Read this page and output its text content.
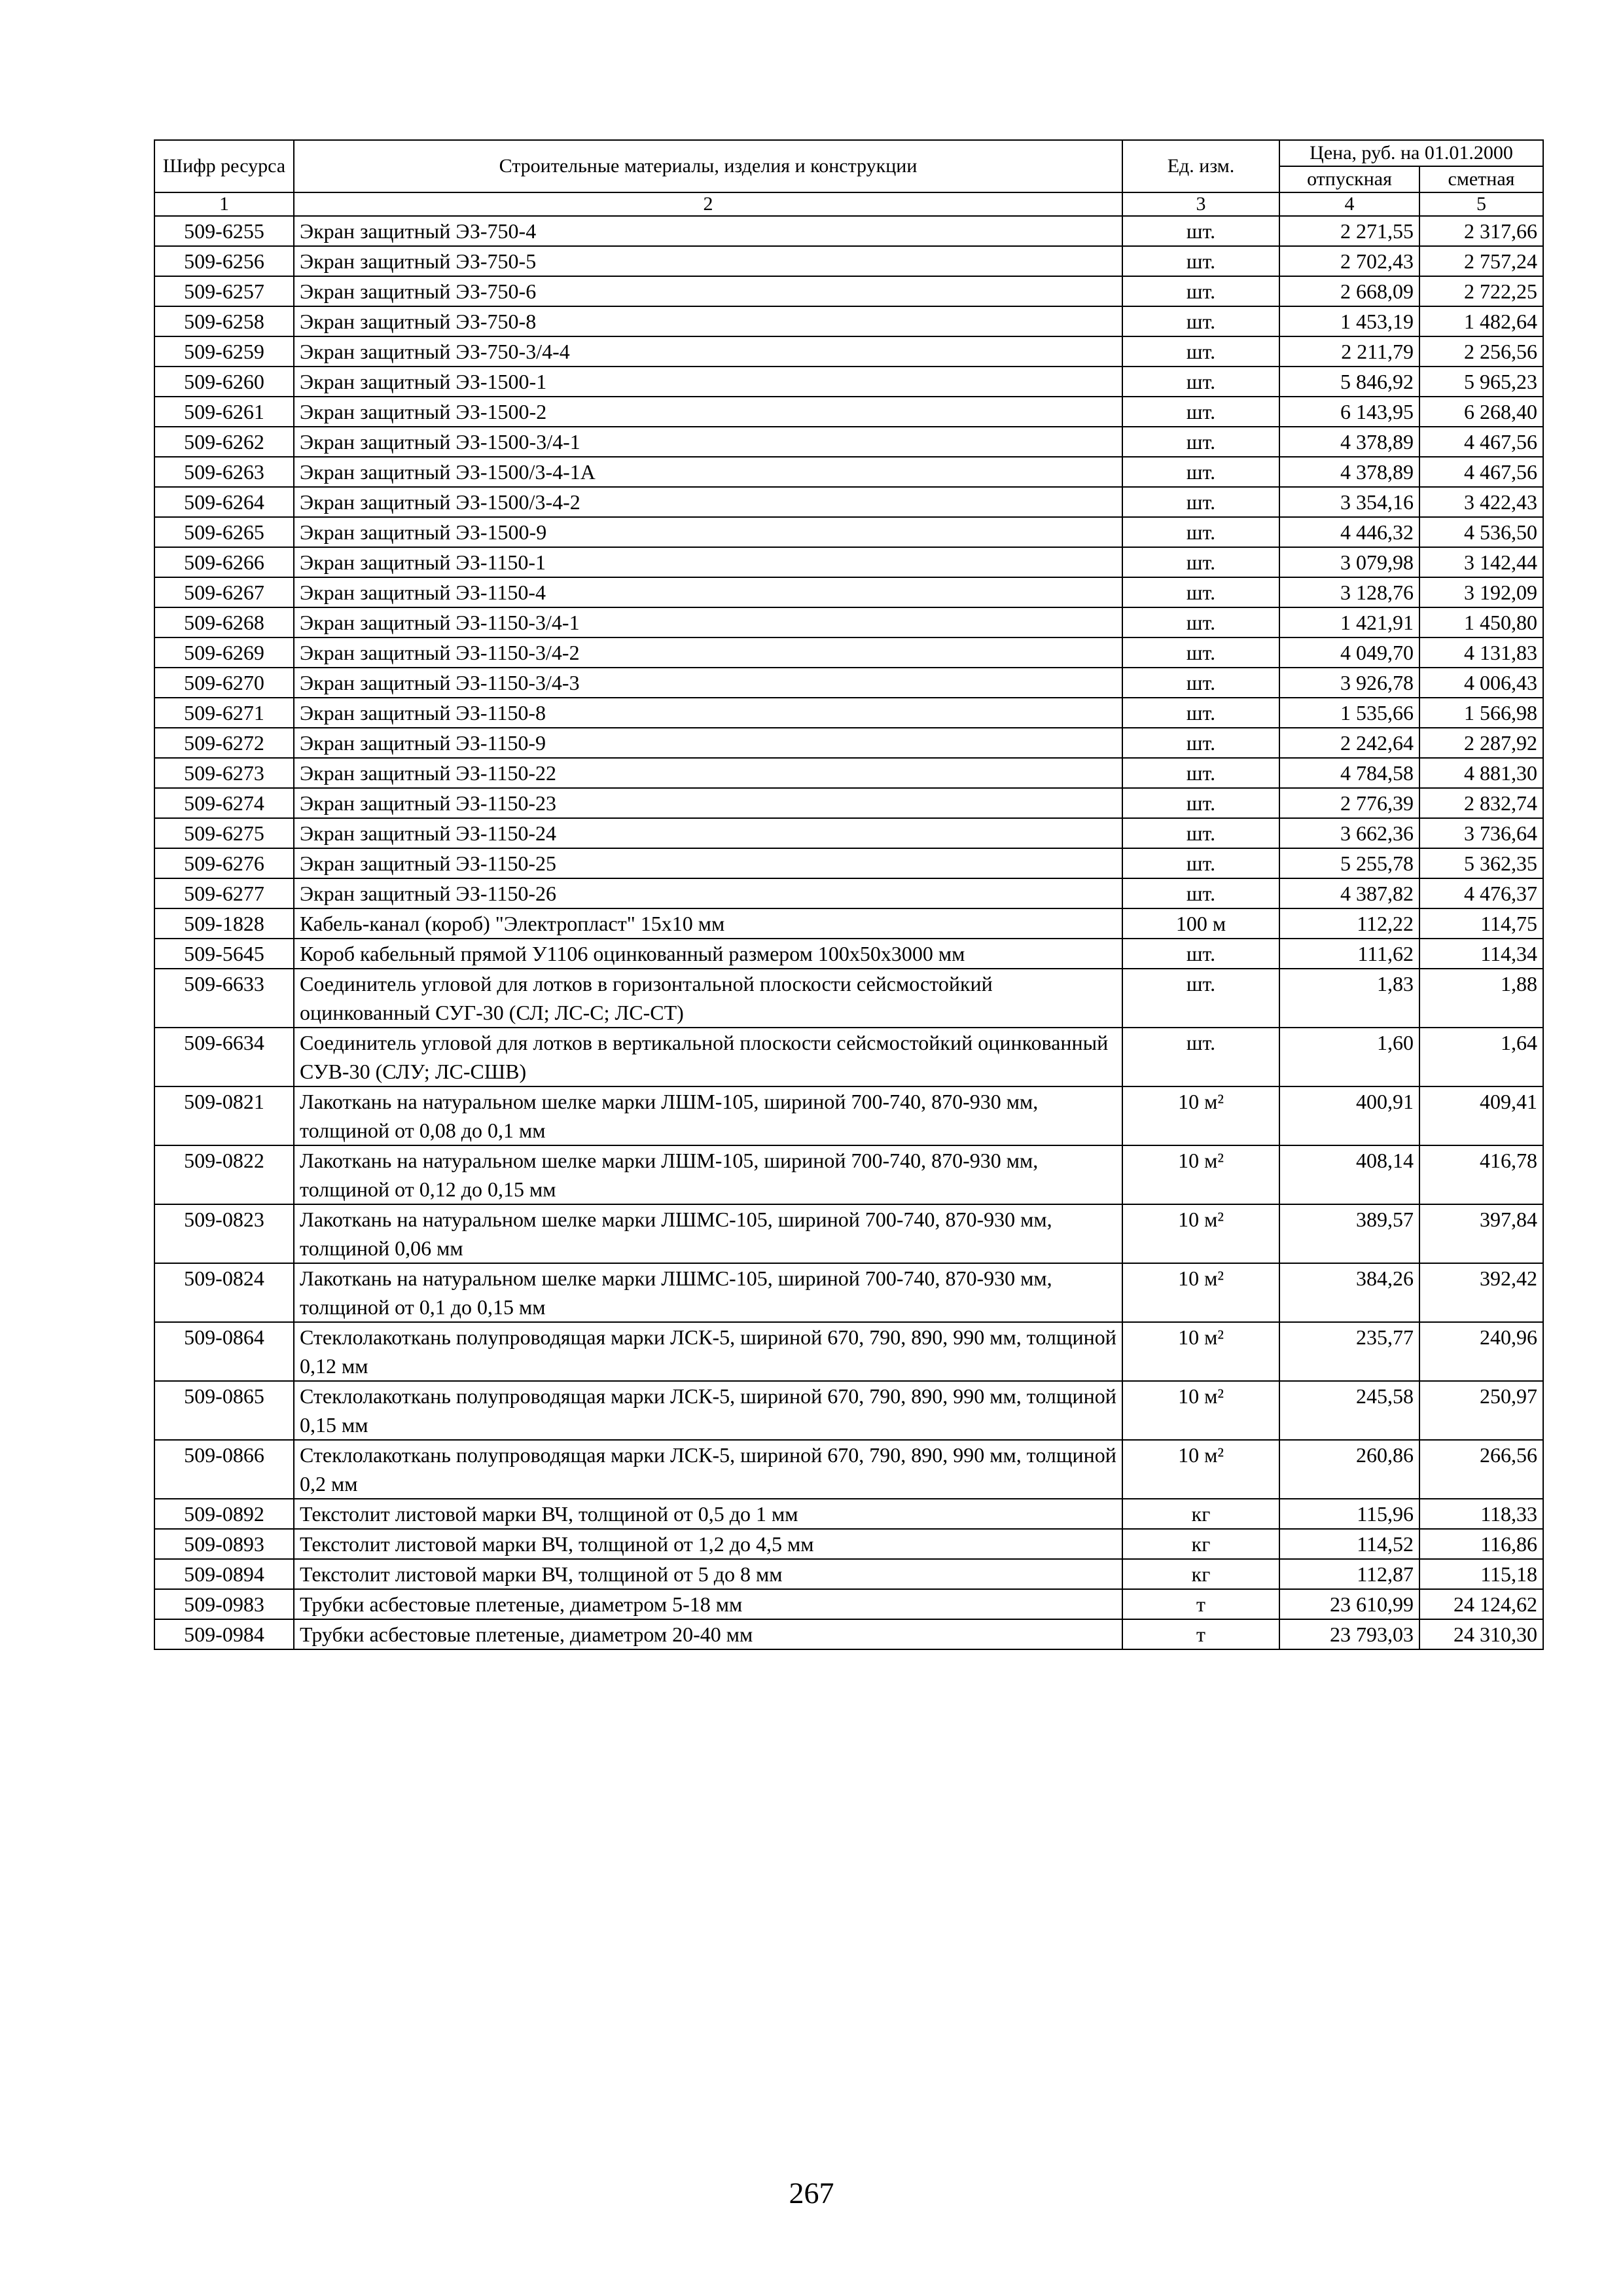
Шифр ресурса	Строительные материалы, изделия и конструкции	Ед. изм.	Цена, руб. на 01.01.2000	
			отпускная	сметная
1	2	3	4	5
509-6255	Экран защитный ЭЗ-750-4	шт.	2 271,55	2 317,66
509-6256	Экран защитный ЭЗ-750-5	шт.	2 702,43	2 757,24
509-6257	Экран защитный ЭЗ-750-6	шт.	2 668,09	2 722,25
509-6258	Экран защитный ЭЗ-750-8	шт.	1 453,19	1 482,64
509-6259	Экран защитный ЭЗ-750-3/4-4	шт.	2 211,79	2 256,56
509-6260	Экран защитный ЭЗ-1500-1	шт.	5 846,92	5 965,23
509-6261	Экран защитный ЭЗ-1500-2	шт.	6 143,95	6 268,40
509-6262	Экран защитный ЭЗ-1500-3/4-1	шт.	4 378,89	4 467,56
509-6263	Экран защитный ЭЗ-1500/3-4-1А	шт.	4 378,89	4 467,56
509-6264	Экран защитный ЭЗ-1500/3-4-2	шт.	3 354,16	3 422,43
509-6265	Экран защитный ЭЗ-1500-9	шт.	4 446,32	4 536,50
509-6266	Экран защитный ЭЗ-1150-1	шт.	3 079,98	3 142,44
509-6267	Экран защитный ЭЗ-1150-4	шт.	3 128,76	3 192,09
509-6268	Экран защитный ЭЗ-1150-3/4-1	шт.	1 421,91	1 450,80
509-6269	Экран защитный ЭЗ-1150-3/4-2	шт.	4 049,70	4 131,83
509-6270	Экран защитный ЭЗ-1150-3/4-3	шт.	3 926,78	4 006,43
509-6271	Экран защитный ЭЗ-1150-8	шт.	1 535,66	1 566,98
509-6272	Экран защитный ЭЗ-1150-9	шт.	2 242,64	2 287,92
509-6273	Экран защитный ЭЗ-1150-22	шт.	4 784,58	4 881,30
509-6274	Экран защитный ЭЗ-1150-23	шт.	2 776,39	2 832,74
509-6275	Экран защитный ЭЗ-1150-24	шт.	3 662,36	3 736,64
509-6276	Экран защитный ЭЗ-1150-25	шт.	5 255,78	5 362,35
509-6277	Экран защитный ЭЗ-1150-26	шт.	4 387,82	4 476,37
509-1828	Кабель-канал (короб) "Электропласт" 15х10 мм	100 м	112,22	114,75
509-5645	Короб кабельный прямой У1106 оцинкованный размером 100х50х3000 мм	шт.	111,62	114,34
509-6633	Соединитель угловой для лотков в горизонтальной плоскости сейсмостойкий оцинкованный СУГ-30 (СЛ; ЛС-С; ЛС-СТ)	шт.	1,83	1,88
509-6634	Соединитель угловой для лотков в вертикальной плоскости сейсмостойкий оцинкованный СУВ-30 (СЛУ; ЛС-СШВ)	шт.	1,60	1,64
509-0821	Лакоткань на натуральном шелке марки ЛШМ-105, шириной 700-740, 870-930 мм, толщиной от 0,08 до 0,1 мм	10 м²	400,91	409,41
509-0822	Лакоткань на натуральном шелке марки ЛШМ-105, шириной 700-740, 870-930 мм, толщиной от 0,12 до 0,15 мм	10 м²	408,14	416,78
509-0823	Лакоткань на натуральном шелке марки ЛШМС-105, шириной 700-740, 870-930 мм, толщиной 0,06 мм	10 м²	389,57	397,84
509-0824	Лакоткань на натуральном шелке марки ЛШМС-105, шириной 700-740, 870-930 мм, толщиной от 0,1 до 0,15 мм	10 м²	384,26	392,42
509-0864	Стеклолакоткань полупроводящая марки ЛСК-5, шириной 670, 790, 890, 990 мм, толщиной 0,12 мм	10 м²	235,77	240,96
509-0865	Стеклолакоткань полупроводящая марки ЛСК-5, шириной 670, 790, 890, 990 мм, толщиной 0,15 мм	10 м²	245,58	250,97
509-0866	Стеклолакоткань полупроводящая марки ЛСК-5, шириной 670, 790, 890, 990 мм, толщиной 0,2 мм	10 м²	260,86	266,56
509-0892	Текстолит листовой марки ВЧ, толщиной от 0,5 до 1 мм	кг	115,96	118,33
509-0893	Текстолит листовой марки ВЧ, толщиной от 1,2 до 4,5 мм	кг	114,52	116,86
509-0894	Текстолит листовой марки ВЧ, толщиной от 5 до 8 мм	кг	112,87	115,18
509-0983	Трубки асбестовые плетеные, диаметром 5-18 мм	т	23 610,99	24 124,62
509-0984	Трубки асбестовые плетеные, диаметром 20-40 мм	т	23 793,03	24 310,30
267
